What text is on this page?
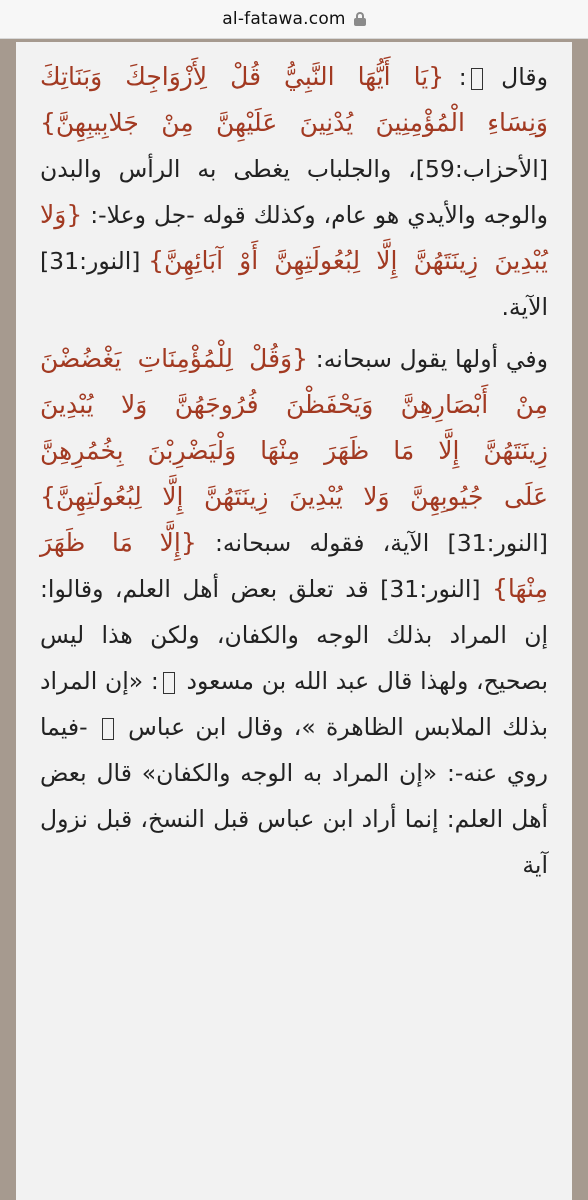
al-fatawa.com

وقال : {يَا أَيُّهَا النَّبِيُّ قُلْ لِأَزْوَاجِكَ وَبَنَاتِكَ وَنِسَاءِ الْمُؤْمِنِينَ يُدْنِينَ عَلَيْهِنَّ مِنْ جَلابِيبِهِنَّ} [الأحزاب:59]، والجلباب يغطى به الرأس والبدن والوجه والأيدي هو عام، وكذلك قوله -جل وعلا-: {وَلا يُبْدِينَ زِينَتَهُنَّ إِلَّا لِبُعُولَتِهِنَّ أَوْ آبَائِهِنَّ} [النور:31] الآية.

وفي أولها يقول سبحانه: {وَقُلْ لِلْمُؤْمِنَاتِ يَغْضُضْنَ مِنْ أَبْصَارِهِنَّ وَيَحْفَظْنَ فُرُوجَهُنَّ وَلا يُبْدِينَ زِينَتَهُنَّ إِلَّا مَا ظَهَرَ مِنْهَا وَلْيَضْرِبْنَ بِخُمُرِهِنَّ عَلَى جُيُوبِهِنَّ وَلا يُبْدِينَ زِينَتَهُنَّ إِلَّا لِبُعُولَتِهِنَّ} [النور:31] الآية، فقوله سبحانه: {إِلَّا مَا ظَهَرَ مِنْهَا} [النور:31] قد تعلق بعض أهل العلم، وقالوا: إن المراد بذلك الوجه والكفان، ولكن هذا ليس بصحيح، ولهذا قال عبد الله بن مسعود : «إن المراد بذلك الملابس الظاهرة »، وقال ابن عباس  -فيما روي عنه-: «إن المراد به الوجه والكفان» قال بعض أهل العلم: إنما أراد ابن عباس قبل النسخ، قبل نزول آية
